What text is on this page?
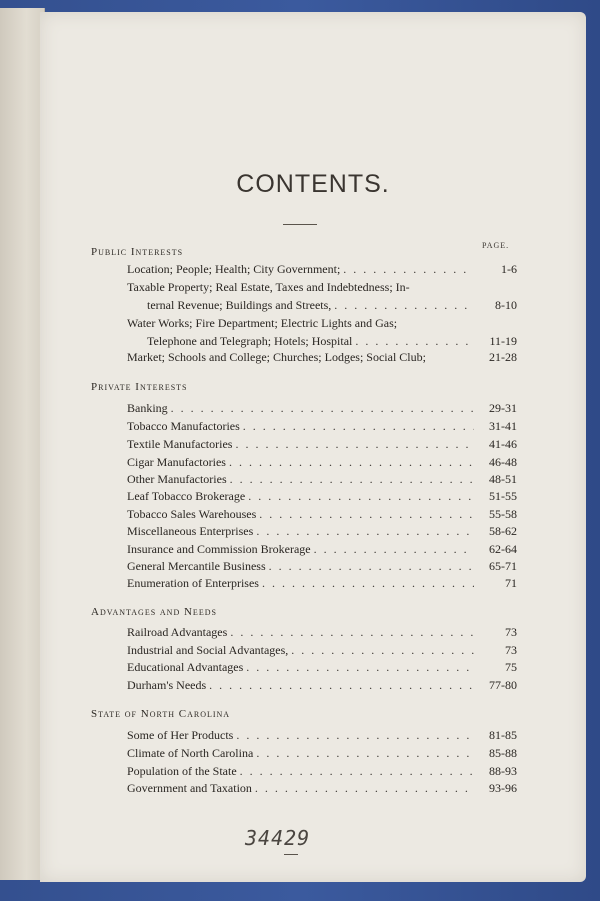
CONTENTS.
PAGE.
Public Interests
Location; People; Health; City Government; . . .	1-6
Taxable Property; Real Estate, Taxes and Indebtedness; In-
ternal Revenue; Buildings and Streets, . . .	8-10
Water Works; Fire Department; Electric Lights and Gas;
Telephone and Telegraph; Hotels; Hospital . . .	11-19
Market; Schools and College; Churches; Lodges; Social Club;	21-28
Private Interests
Banking . . .	29-31
Tobacco Manufactories . . .	31-41
Textile Manufactories . . .	41-46
Cigar Manufactories . . .	46-48
Other Manufactories . . .	48-51
Leaf Tobacco Brokerage . . .	51-55
Tobacco Sales Warehouses . . .	55-58
Miscellaneous Enterprises . . .	58-62
Insurance and Commission Brokerage . . .	62-64
General Mercantile Business . . .	65-71
Enumeration of Enterprises . . .	71
Advantages and Needs
Railroad Advantages . . .	73
Industrial and Social Advantages, . . .	73
Educational Advantages . . .	75
Durham's Needs . . .	77-80
State of North Carolina
Some of Her Products . . .	81-85
Climate of North Carolina . . .	85-88
Population of the State . . .	88-93
Government and Taxation . . .	93-96
34429
